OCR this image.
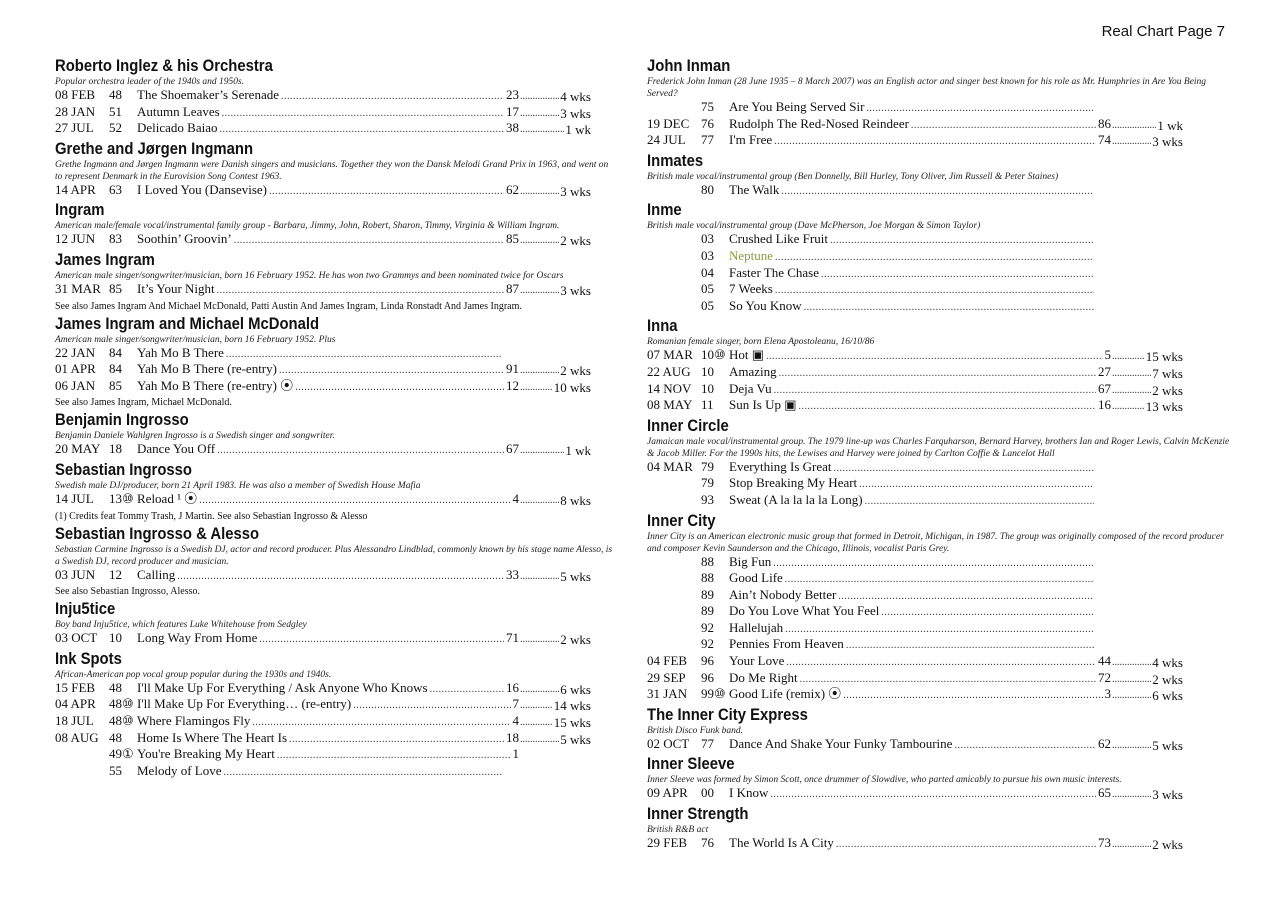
Real Chart Page 7
Roberto Inglez & his Orchestra
Popular orchestra leader of the 1940s and 1950s.
08 FEB	48	The Shoemaker’s Serenade .....	23 .....	4 wks
28 JAN	51	Autumn Leaves .....	17 .....	3 wks
27 JUL	52	Delicado Baiao .....	38 .....	1 wk
Grethe and Jørgen Ingmann
Grethe Ingmann and Jørgen Ingmann were Danish singers and musicians. Together they won the Dansk Melodi Grand Prix in 1963, and went on to represent Denmark in the Eurovision Song Contest 1963.
14 APR	63	I Loved You (Dansevise) .....	62 .....	3 wks
Ingram
American male/female vocal/instrumental family group - Barbara, Jimmy, John, Robert, Sharon, Timmy, Virginia & William Ingram.
12 JUN	83	Soothin’ Groovin’ .....	85 .....	2 wks
James Ingram
American male singer/songwriter/musician, born 16 February 1952. He has won two Grammys and been nominated twice for Oscars
31 MAR 85	It’s Your Night .....	87 .....	3 wks
See also James Ingram And Michael McDonald, Patti Austin And James Ingram, Linda Ronstadt And James Ingram.
James Ingram and Michael McDonald
American male singer/songwriter/musician, born 16 February 1952. Plus
22 JAN	84	Yah Mo B There
.....
01 APR	84	Yah Mo B There (re-entry) .....	91 .....	2 wks
06 JAN	85	Yah Mo B There (re-entry) ⦿ .....	12 .....	10 wks
See also James Ingram, Michael McDonald.
Benjamin Ingrosso
Benjamin Daniele Wahlgren Ingrosso is a Swedish singer and songwriter.
20 MAY 18	Dance You Off .....	67 .....	1 wk
Sebastian Ingrosso
Swedish male DJ/producer, born 21 April 1983. He was also a member of Swedish House Mafia
14 JUL	13⑩ Reload ¹ ⦿ .....	4 .....	8 wks
(1) Credits feat Tommy Trash, J Martin. See also Sebastian Ingrosso & Alesso
Sebastian Ingrosso & Alesso
Sebastian Carmine Ingrosso is a Swedish DJ, actor and record producer. Plus Alessandro Lindblad, commonly known by his stage name Alesso, is a Swedish DJ, record producer and musician.
03 JUN	12	Calling .....	33 .....	5 wks
See also Sebastian Ingrosso, Alesso.
Inju5tice
Boy band Inju5tice, which features Luke Whitehouse from Sedgley
03 OCT 10	Long Way From Home .....	71 .....	2 wks
Ink Spots
African-American pop vocal group popular during the 1930s and 1940s.
15 FEB	48	I'll Make Up For Everything / Ask Anyone Who Knows .....	16 .....	6 wks
04 APR	48⑩ I'll Make Up For Everything… (re-entry) .....	7 .....	14 wks
18 JUL	48⑩ Where Flamingos Fly .....	4 .....	15 wks
08 AUG 48	Home Is Where The Heart Is .....	18 .....	5 wks
49① You're Breaking My Heart .....	1
55	Melody of Love
.....
John Inman
Frederick John Inman (28 June 1935 – 8 March 2007) was an English actor and singer best known for his role as Mr. Humphries in Are You Being Served?
75	Are You Being Served Sir
.....
19 DEC 76	Rudolph The Red-Nosed Reindeer .....	86 .....	1 wk
24 JUL	77	I'm Free .....	74 .....	3 wks
Inmates
British male vocal/instrumental group (Ben Donnelly, Bill Hurley, Tony Oliver, Jim Russell & Peter Staines)
80	The Walk
.....
Inme
British male vocal/instrumental group (Dave McPherson, Joe Morgan & Simon Taylor)
03	Crushed Like Fruit
.....
03	Neptune
.....
04	Faster The Chase
.....
05	7 Weeks
.....
05	So You Know
.....
Inna
Romanian female singer, born Elena Apostoleanu, 16/10/86
07 MAR 10⑩ Hot ▣ .....	5 .....	15 wks
22 AUG 10	Amazing .....	27 .....	7 wks
14 NOV 10	Deja Vu .....	67 .....	2 wks
08 MAY 11	Sun Is Up ▣ .....	16 .....	13 wks
Inner Circle
Jamaican male vocal/instrumental group. The 1979 line-up was Charles Farquharson, Bernard Harvey, brothers Ian and Roger Lewis, Calvin McKenzie & Jacob Miller. For the 1990s hits, the Lewises and Harvey were joined by Carlton Coffie & Lancelot Hall
04 MAR 79	Everything Is Great
.....
79	Stop Breaking My Heart
.....
93	Sweat (A la la la la Long)
.....
Inner City
Inner City is an American electronic music group that formed in Detroit, Michigan, in 1987. The group was originally composed of the record producer and composer Kevin Saunderson and the Chicago, Illinois, vocalist Paris Grey.
88	Big Fun
.....
88	Good Life
.....
89	Ain’t Nobody Better
.....
89	Do You Love What You Feel
.....
92	Hallelujah
.....
92	Pennies From Heaven
.....
04 FEB	96	Your Love .....	44 .....	4 wks
29 SEP	96	Do Me Right .....	72 .....	2 wks
31 JAN	99⑩ Good Life (remix) ⦿ .....	3 .....	6 wks
The Inner City Express
British Disco Funk band.
02 OCT 77	Dance And Shake Your Funky Tambourine .....	62 .....	5 wks
Inner Sleeve
Inner Sleeve was formed by Simon Scott, once drummer of Slowdive, who parted amicably to pursue his own music interests.
09 APR	00	I Know .....	65 .....	3 wks
Inner Strength
British R&B act
29 FEB	76	The World Is A City .....	73 .....	2 wks
